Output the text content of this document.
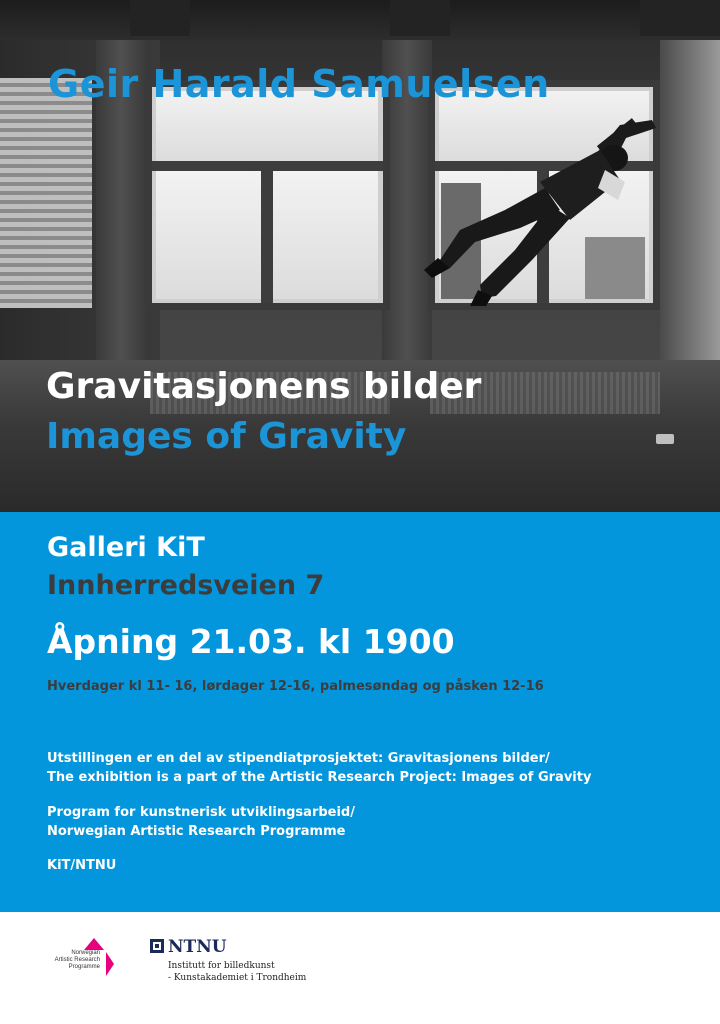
Geir Harald Samuelsen
Gravitasjonens bilder
Images of Gravity
Galleri KiT
Innherredsveien 7
Åpning 21.03. kl 1900
Hverdager kl 11- 16, lørdager 12-16, palmesøndag og påsken 12-16
Utstillingen er en del av stipendiatprosjektet: Gravitasjonens bilder/
The exhibition is a part of the Artistic Research Project: Images of Gravity
Program for kunstnerisk utviklingsarbeid/
Norwegian Artistic Research Programme
KiT/NTNU
Norwegian
Artistic Research
Programme
NTNU
Institutt for billedkunst
- Kunstakademiet i Trondheim
